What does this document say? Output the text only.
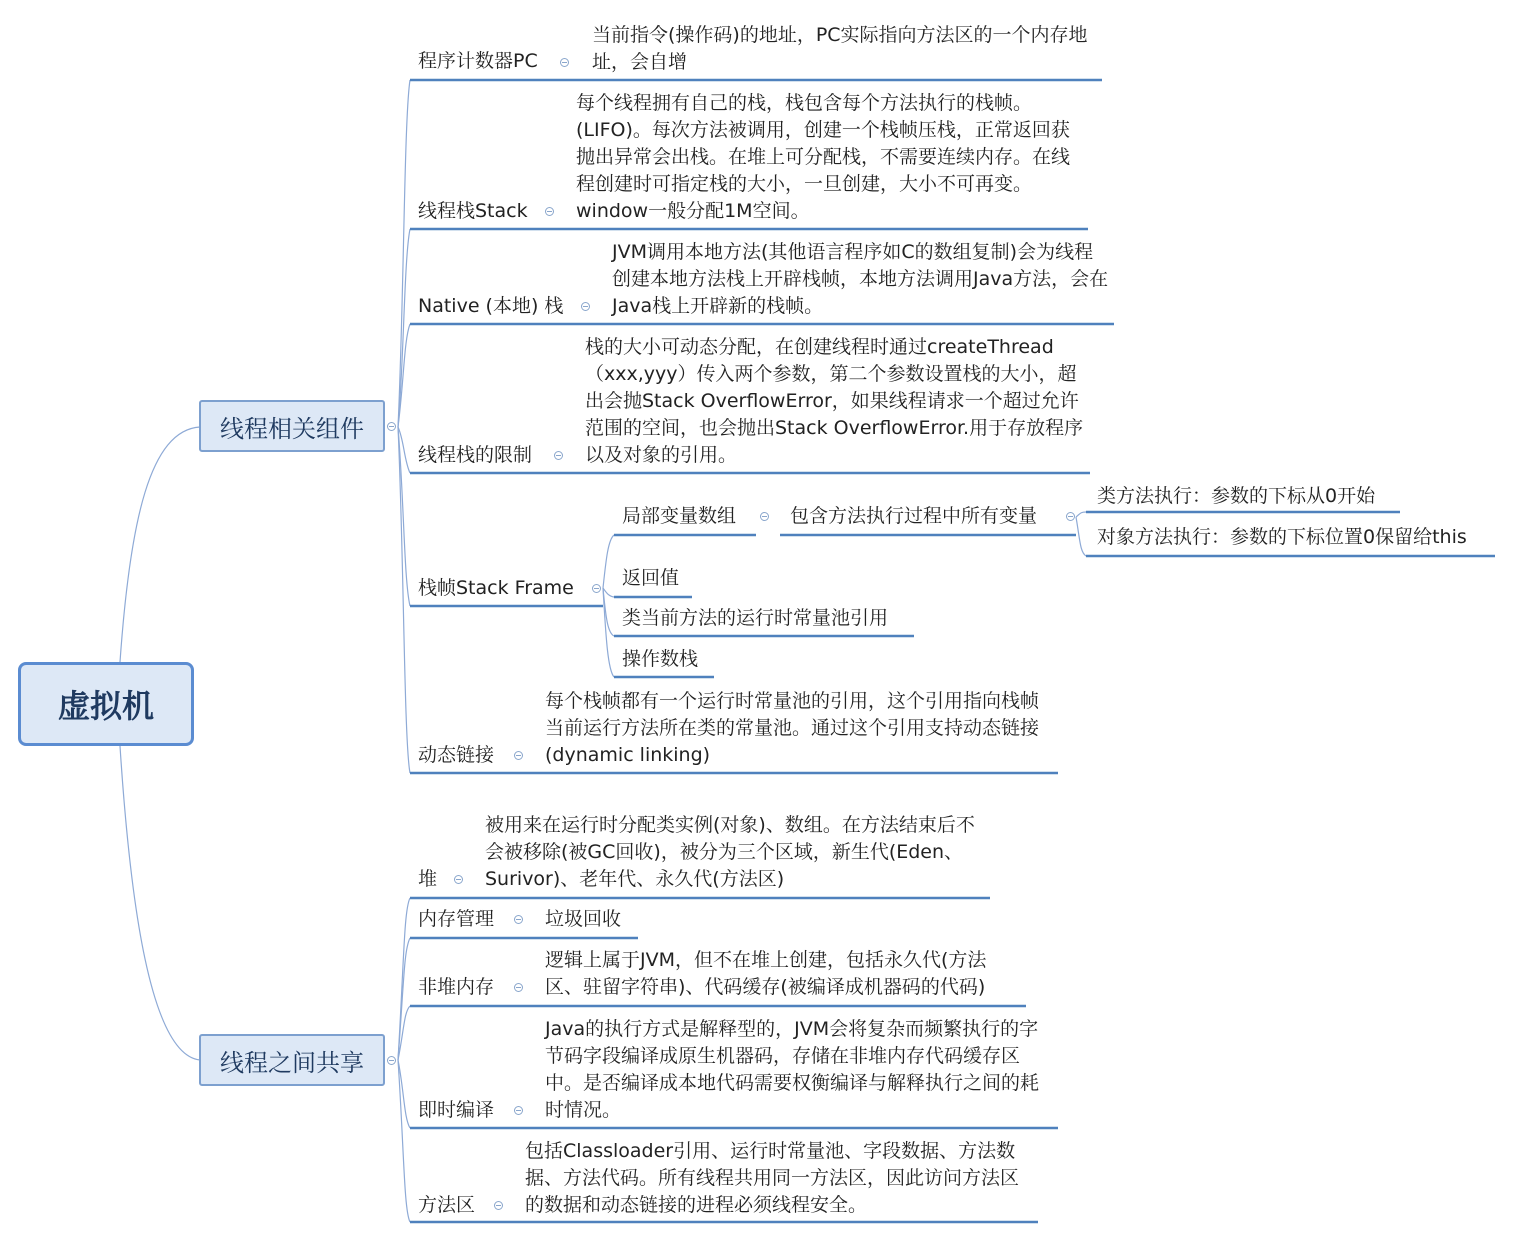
虚拟机
线程相关组件
线程之间共享
程序计数器PC
当前指令(操作码)的地址，PC实际指向方法区的一个内存地址，会自增
线程栈Stack
每个线程拥有自己的栈，栈包含每个方法执行的栈帧。(LIFO)。每次方法被调用，创建一个栈帧压栈，正常返回获抛出异常会出栈。在堆上可分配栈，不需要连续内存。在线程创建时可指定栈的大小，一旦创建，大小不可再变。window一般分配1M空间。
Native (本地) 栈
JVM调用本地方法(其他语言程序如C的数组复制)会为线程创建本地方法栈上开辟栈帧，本地方法调用Java方法，会在Java栈上开辟新的栈帧。
线程栈的限制
栈的大小可动态分配，在创建线程时通过createThread（xxx,yyy）传入两个参数，第二个参数设置栈的大小，超出会抛Stack OverflowError，如果线程请求一个超过允许范围的空间，也会抛出Stack OverflowError.用于存放程序以及对象的引用。
栈帧Stack Frame
局部变量数组	包含方法执行过程中所有变量
类方法执行：参数的下标从0开始
对象方法执行：参数的下标位置0保留给this
返回值
类当前方法的运行时常量池引用
操作数栈
动态链接
每个栈帧都有一个运行时常量池的引用，这个引用指向栈帧当前运行方法所在类的常量池。通过这个引用支持动态链接(dynamic linking)
堆
被用来在运行时分配类实例(对象)、数组。在方法结束后不会被移除(被GC回收)，被分为三个区域，新生代(Eden、Surivor)、老年代、永久代(方法区)
内存管理	垃圾回收
非堆内存
逻辑上属于JVM，但不在堆上创建，包括永久代(方法区、驻留字符串)、代码缓存(被编译成机器码的代码)
即时编译
Java的执行方式是解释型的，JVM会将复杂而频繁执行的字节码字段编译成原生机器码，存储在非堆内存代码缓存区中。是否编译成本地代码需要权衡编译与解释执行之间的耗时情况。
方法区
包括Classloader引用、运行时常量池、字段数据、方法数据、方法代码。所有线程共用同一方法区，因此访问方法区的数据和动态链接的进程必须线程安全。
